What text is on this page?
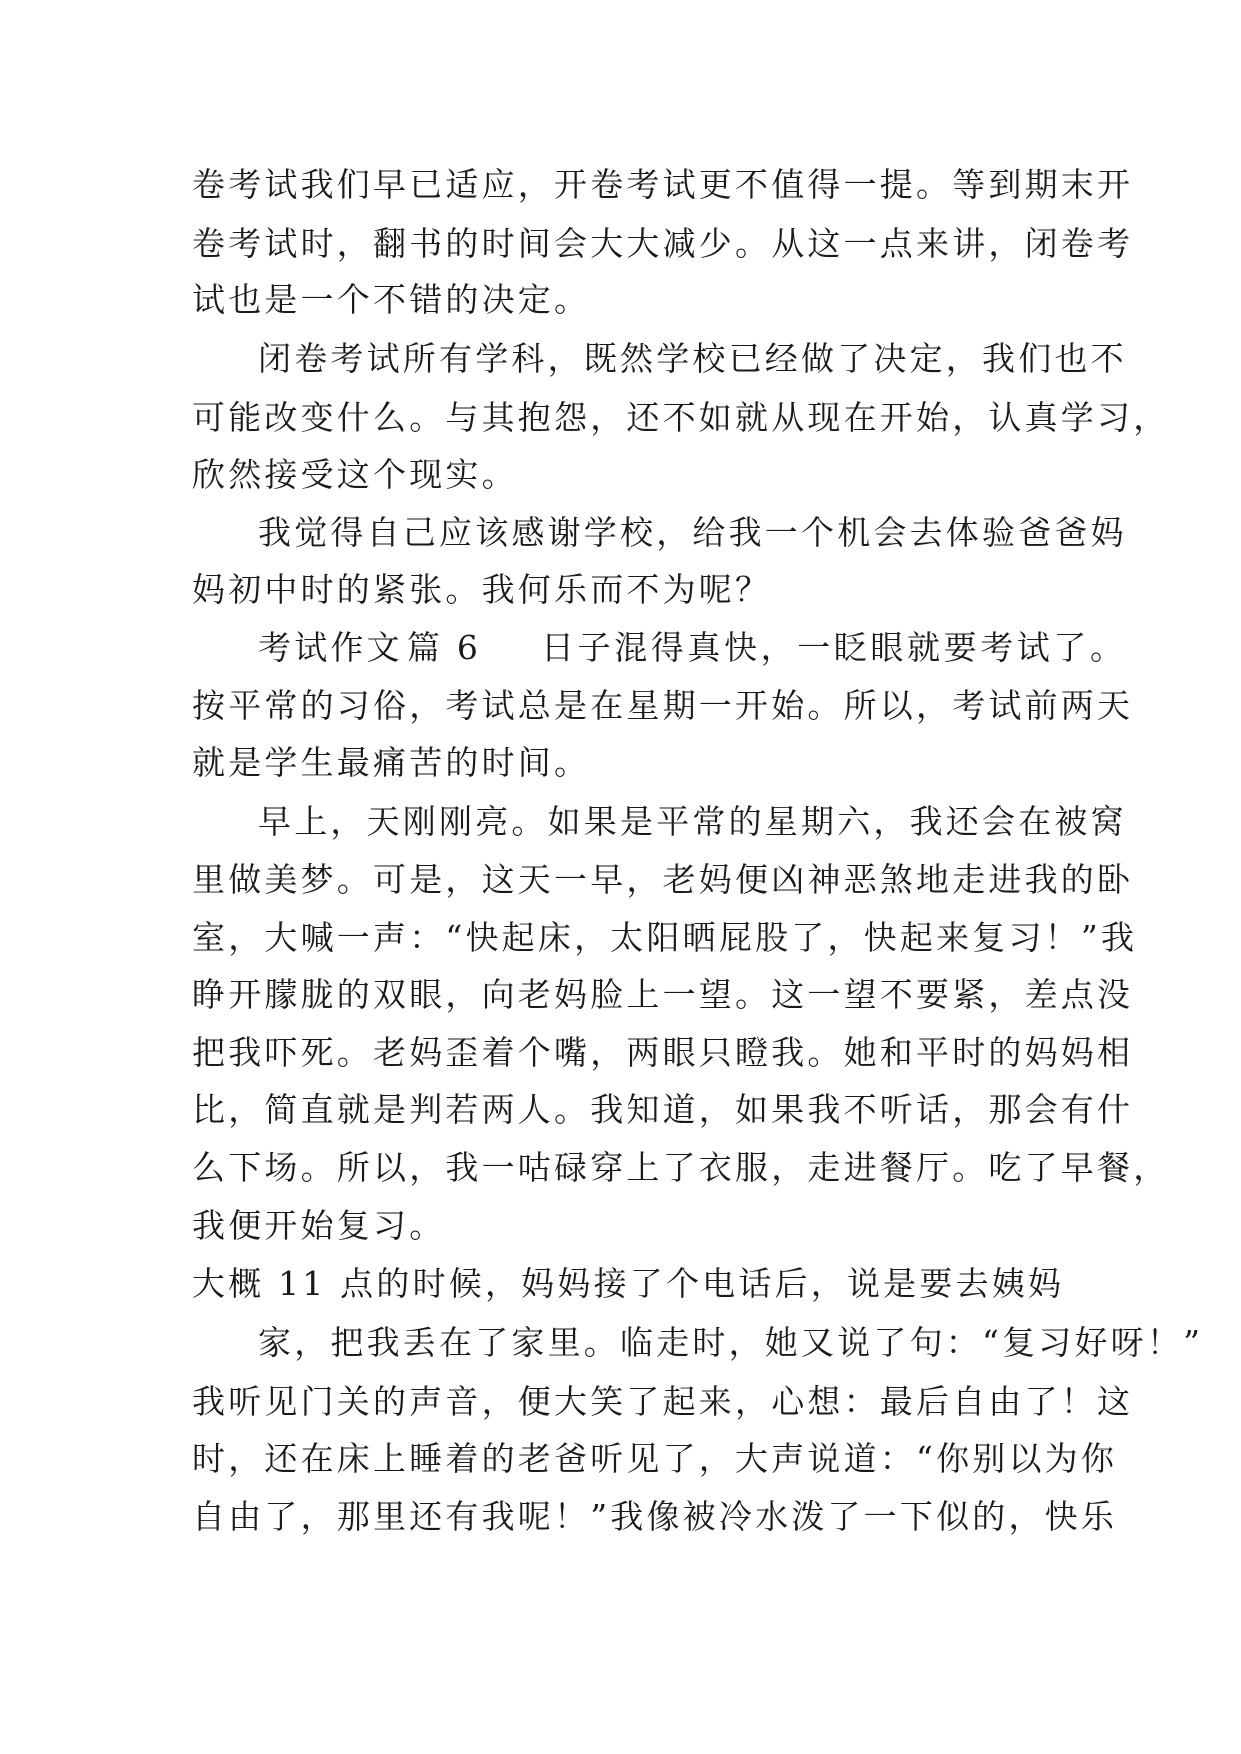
卷考试我们早已适应，开卷考试更不值得一提。等到期末开
卷考试时，翻书的时间会大大减少。从这一点来讲，闭卷考
试也是一个不错的决定。
闭卷考试所有学科，既然学校已经做了决定，我们也不
可能改变什么。与其抱怨，还不如就从现在开始，认真学习，
欣然接受这个现实。
我觉得自己应该感谢学校，给我一个机会去体验爸爸妈
妈初中时的紧张。我何乐而不为呢？

考试作文

篇 6

日子混得真快，一眨眼就要考试了。

按平常的习俗，考试总是在星期一开始。所以，考试前两天
就是学生最痛苦的时间。
早上，天刚刚亮。如果是平常的星期六，我还会在被窝
里做美梦。可是，这天一早，老妈便凶神恶煞地走进我的卧
室，大喊一声：“快起床，太阳晒屁股了，快起来复习！”我
睁开朦胧的双眼，向老妈脸上一望。这一望不要紧，差点没
把我吓死。老妈歪着个嘴，两眼只瞪我。她和平时的妈妈相
比，简直就是判若两人。我知道，如果我不听话，那会有什
么下场。所以，我一咕碌穿上了衣服，走进餐厅。吃了早餐，
我便开始复习。
大概 11 点的时候，妈妈接了个电话后，说是要去姨妈
家，把我丢在了家里。临走时，她又说了句：“复习好呀！”
我听见门关的声音，便大笑了起来，心想：最后自由了！这
时，还在床上睡着的老爸听见了，大声说道：“你别以为你
自由了，那里还有我呢！”我像被冷水泼了一下似的，快乐
